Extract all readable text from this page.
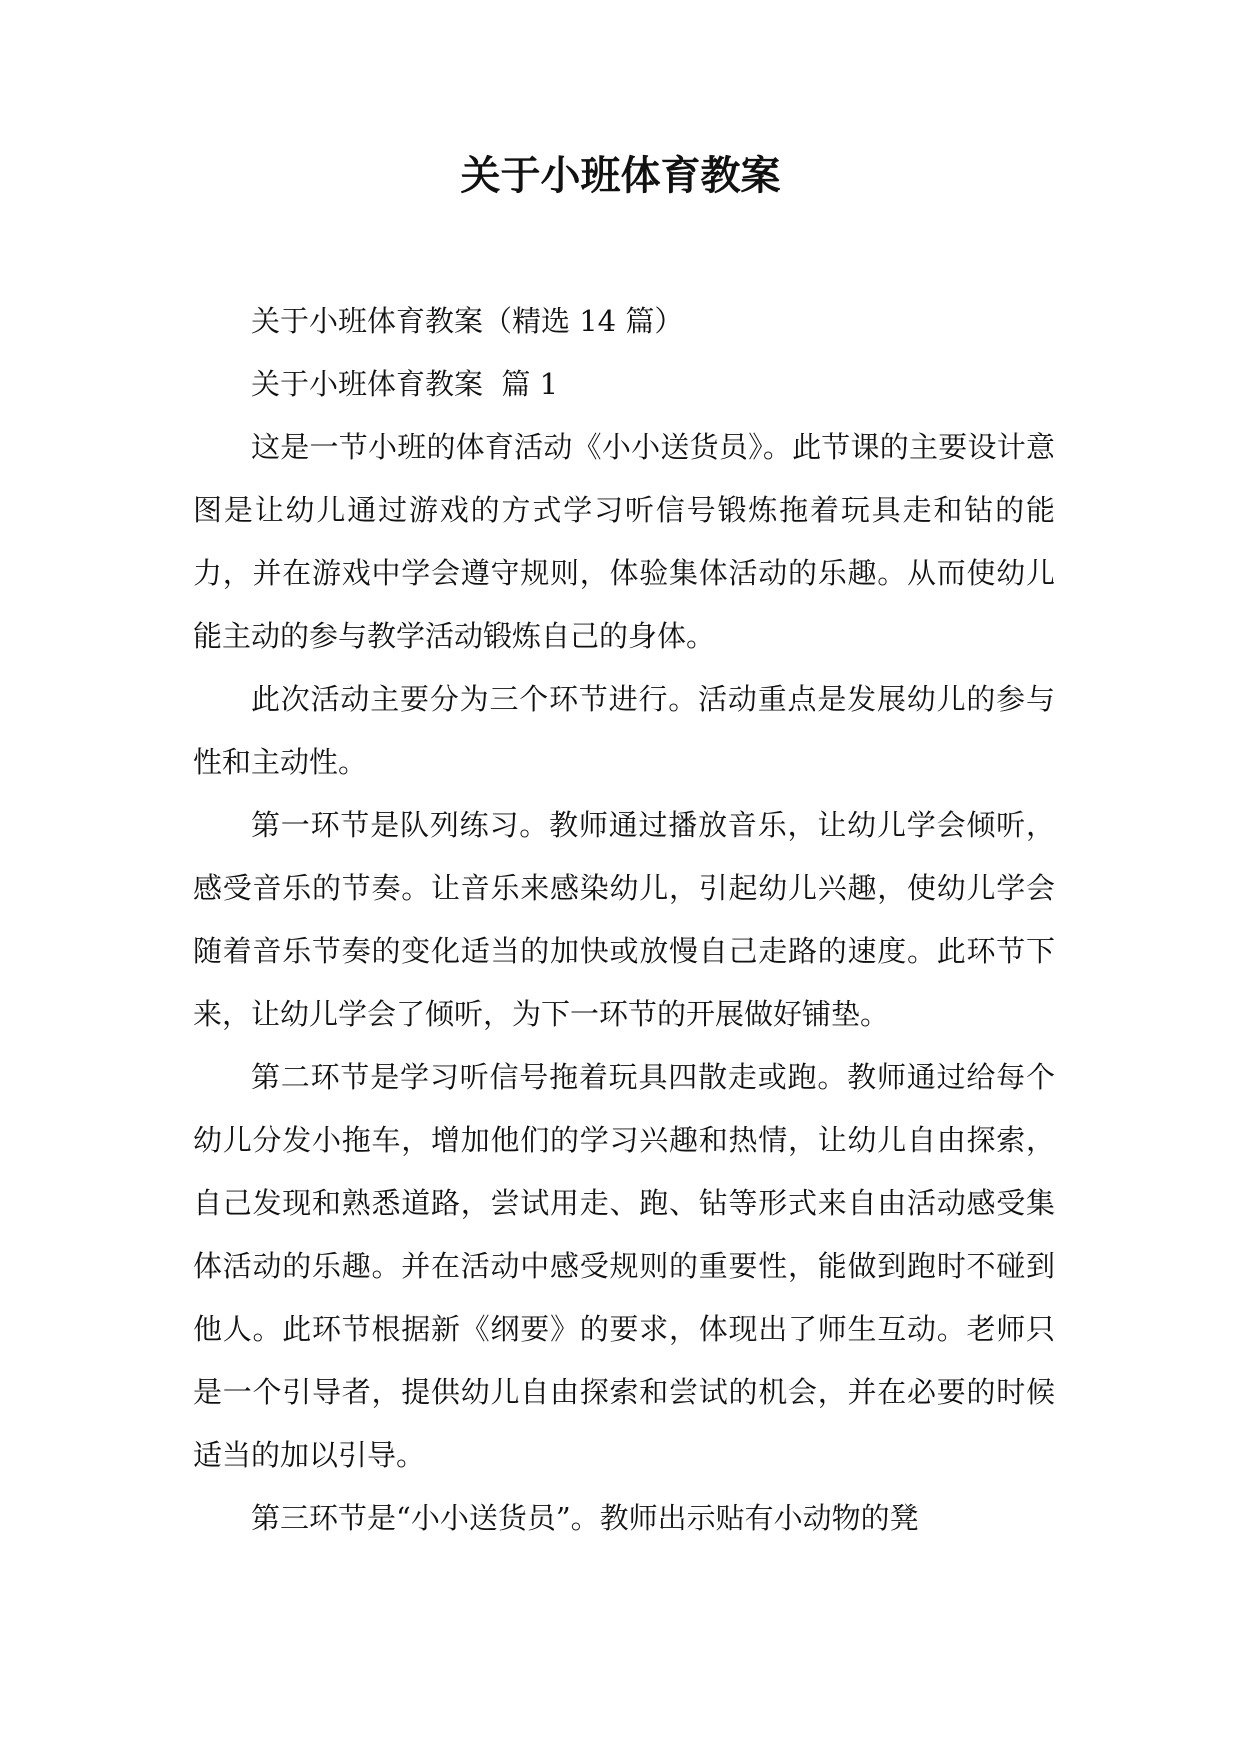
关于小班体育教案

关于小班体育教案（精选 14 篇）

关于小班体育教案  篇 1

这是一节小班的体育活动《小小送货员》。此节课的主要设计意图是让幼儿通过游戏的方式学习听信号锻炼拖着玩具走和钻的能力，并在游戏中学会遵守规则，体验集体活动的乐趣。从而使幼儿能主动的参与教学活动锻炼自己的身体。

此次活动主要分为三个环节进行。活动重点是发展幼儿的参与性和主动性。

第一环节是队列练习。教师通过播放音乐，让幼儿学会倾听，感受音乐的节奏。让音乐来感染幼儿，引起幼儿兴趣，使幼儿学会随着音乐节奏的变化适当的加快或放慢自己走路的速度。此环节下来，让幼儿学会了倾听，为下一环节的开展做好铺垫。

第二环节是学习听信号拖着玩具四散走或跑。教师通过给每个幼儿分发小拖车，增加他们的学习兴趣和热情，让幼儿自由探索，自己发现和熟悉道路，尝试用走、跑、钻等形式来自由活动感受集体活动的乐趣。并在活动中感受规则的重要性，能做到跑时不碰到他人。此环节根据新《纲要》的要求，体现出了师生互动。老师只是一个引导者，提供幼儿自由探索和尝试的机会，并在必要的时候适当的加以引导。

第三环节是“小小送货员”。教师出示贴有小动物的凳
